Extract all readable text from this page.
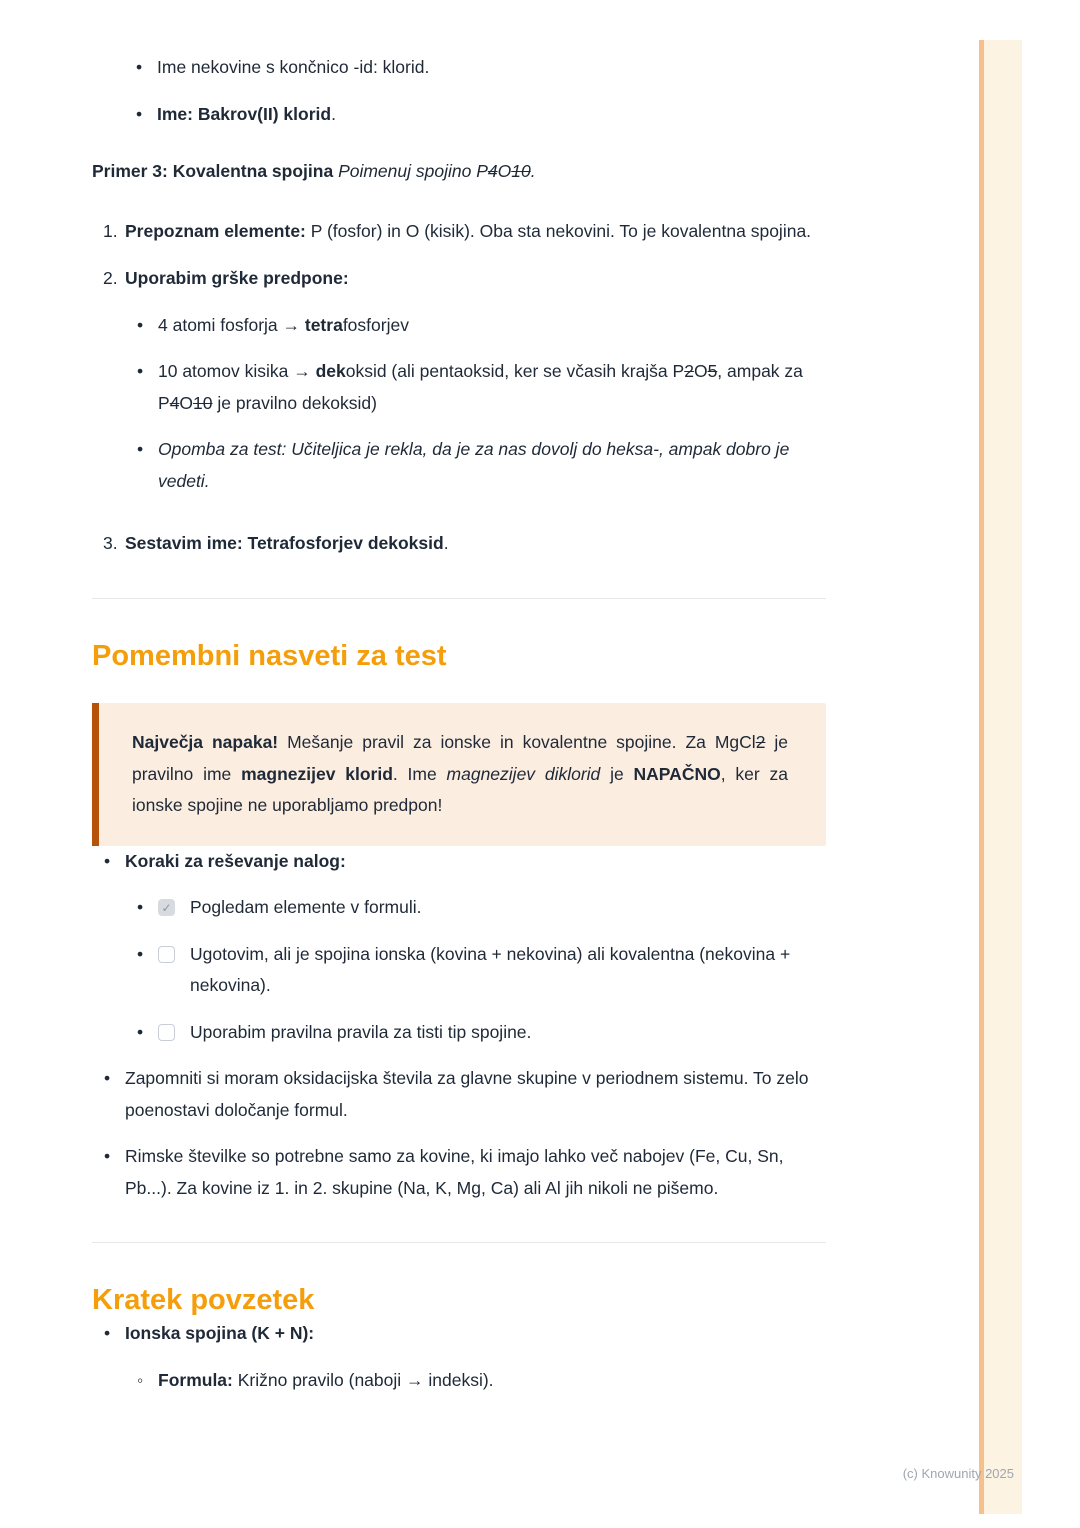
• Ime nekovine s končnico -id: klorid.
• Ime: Bakrov(II) klorid.

Primer 3: Kovalentna spojina Poimenuj spojino P4O10.

1. Prepoznam elemente: P (fosfor) in O (kisik). Oba sta nekovini. To je kovalentna spojina.
2. Uporabim grške predpone:
• 4 atomi fosforja → tetrafosforjev
• 10 atomov kisika → dekoksid (ali pentaoksid, ker se včasih krajša P2O5, ampak za P4O10 je pravilno dekoksid)
• Opomba za test: Učiteljica je rekla, da je za nas dovolj do heksa-, ampak dobro je vedeti.
3. Sestavim ime: Tetrafosforjev dekoksid.
Pomembni nasveti za test
Največja napaka! Mešanje pravil za ionske in kovalentne spojine. Za MgCl2 je pravilno ime magnezijev klorid. Ime magnezijev diklorid je NAPAČNO, ker za ionske spojine ne uporabljamo predpon!
• Koraki za reševanje nalog:
✓
• Pogledam elemente v formuli.
• Ugotovim, ali je spojina ionska (kovina + nekovina) ali kovalentna (nekovina + nekovina).
• Uporabim pravilna pravila za tisti tip spojine.
• Zapomniti si moram oksidacijska števila za glavne skupine v periodnem sistemu. To zelo poenostavi določanje formul.
• Rimske številke so potrebne samo za kovine, ki imajo lahko več nabojev (Fe, Cu, Sn, Pb...). Za kovine iz 1. in 2. skupine (Na, K, Mg, Ca) ali Al jih nikoli ne pišemo.
Kratek povzetek
• Ionska spojina (K + N):
◦ Formula: Križno pravilo (naboji → indeksi).
(c) Knowunity 2025
